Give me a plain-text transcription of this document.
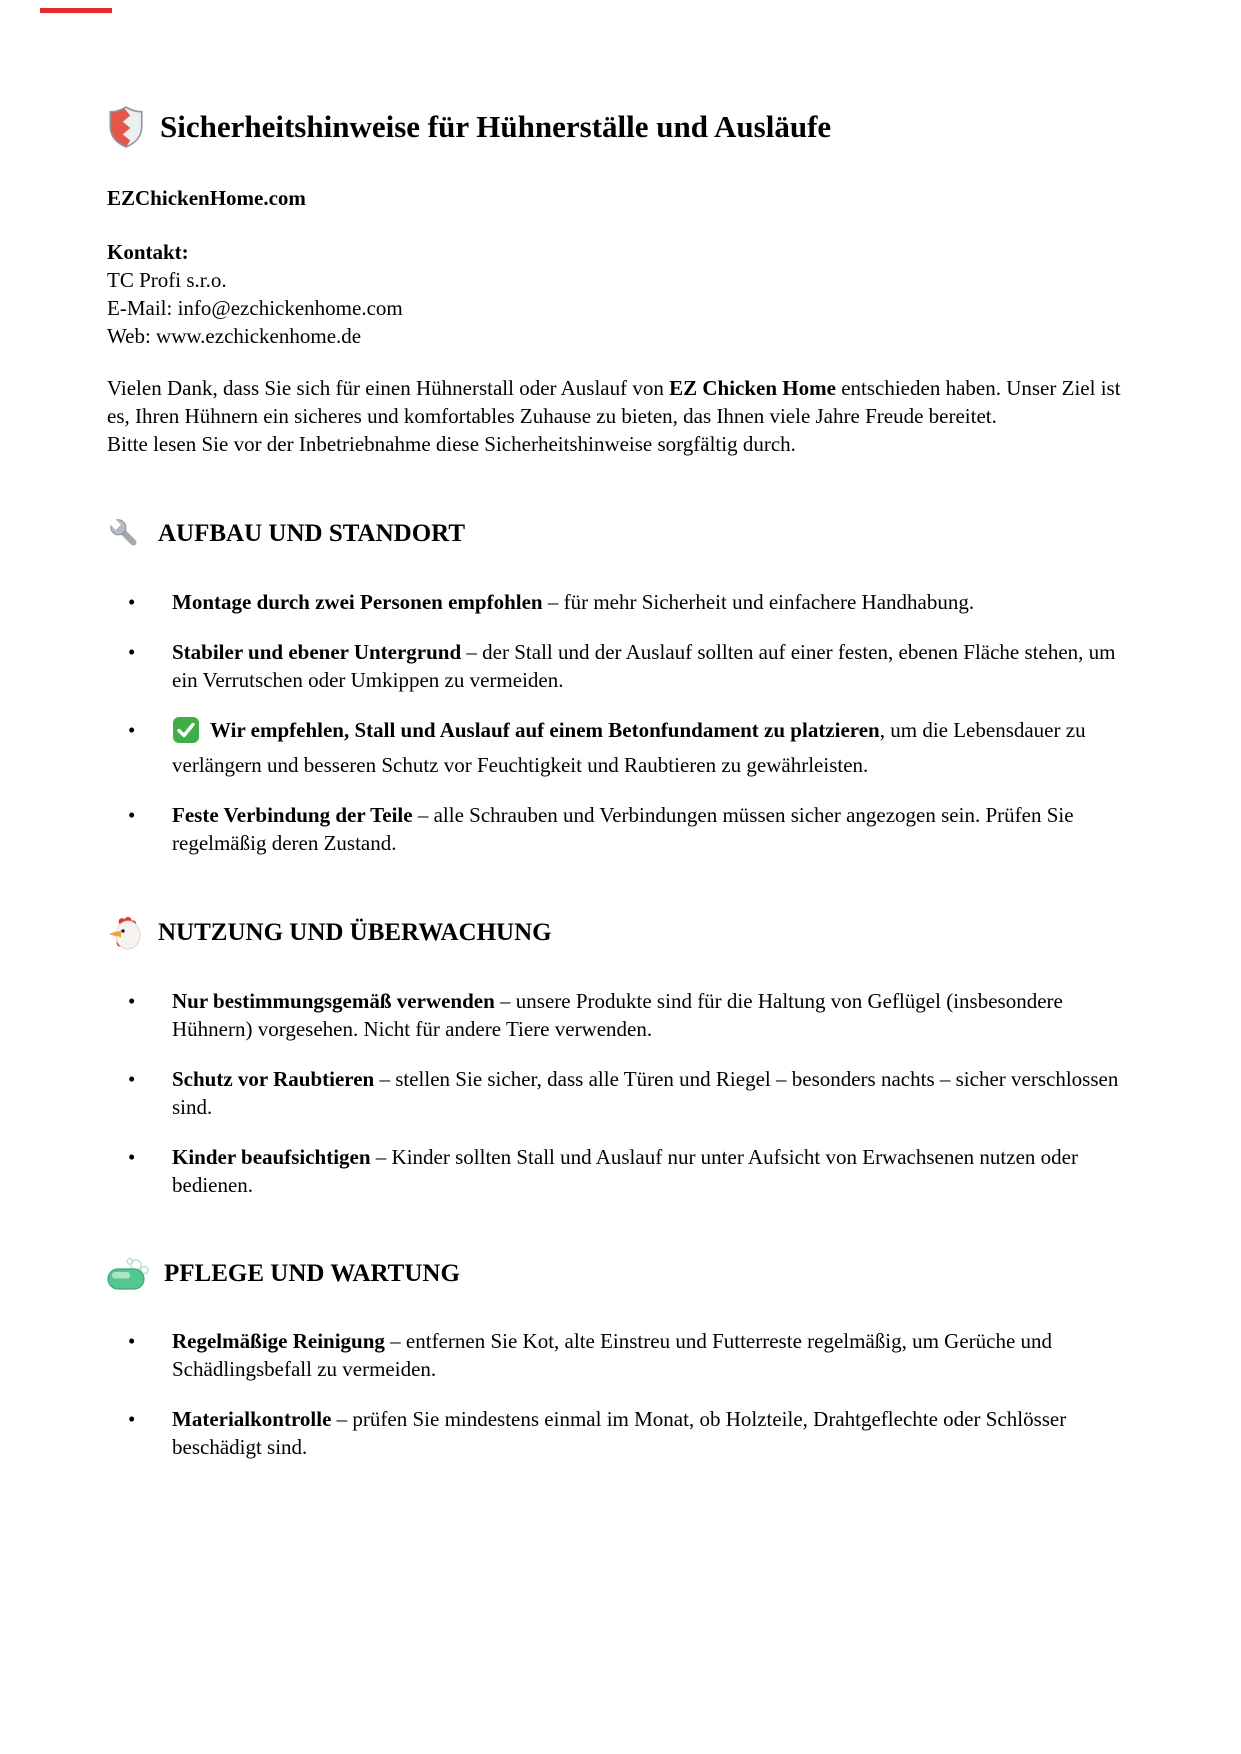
Sicherheitshinweise für Hühnerställe und Ausläufe

EZChickenHome.com

Kontakt:
TC Profi s.r.o.
E-Mail: info@ezchickenhome.com
Web: www.ezchickenhome.de

Vielen Dank, dass Sie sich für einen Hühnerstall oder Auslauf von EZ Chicken Home entschieden haben. Unser Ziel ist es, Ihren Hühnern ein sicheres und komfortables Zuhause zu bieten, das Ihnen viele Jahre Freude bereitet.

Bitte lesen Sie vor der Inbetriebnahme diese Sicherheitshinweise sorgfältig durch.

AUFBAU UND STANDORT
• Montage durch zwei Personen empfohlen – für mehr Sicherheit und einfachere Handhabung.
• Stabiler und ebener Untergrund – der Stall und der Auslauf sollten auf einer festen, ebenen Fläche stehen, um ein Verrutschen oder Umkippen zu vermeiden.
• Wir empfehlen, Stall und Auslauf auf einem Betonfundament zu platzieren, um die Lebensdauer zu verlängern und besseren Schutz vor Feuchtigkeit und Raubtieren zu gewährleisten.
• Feste Verbindung der Teile – alle Schrauben und Verbindungen müssen sicher angezogen sein. Prüfen Sie regelmäßig deren Zustand.
NUTZUNG UND ÜBERWACHUNG
• Nur bestimmungsgemäß verwenden – unsere Produkte sind für die Haltung von Geflügel (insbesondere Hühnern) vorgesehen. Nicht für andere Tiere verwenden.
• Schutz vor Raubtieren – stellen Sie sicher, dass alle Türen und Riegel – besonders nachts – sicher verschlossen sind.
• Kinder beaufsichtigen – Kinder sollten Stall und Auslauf nur unter Aufsicht von Erwachsenen nutzen oder bedienen.
PFLEGE UND WARTUNG
• Regelmäßige Reinigung – entfernen Sie Kot, alte Einstreu und Futterreste regelmäßig, um Gerüche und Schädlingsbefall zu vermeiden.
• Materialkontrolle – prüfen Sie mindestens einmal im Monat, ob Holzteile, Drahtgeflechte oder Schlösser beschädigt sind.
